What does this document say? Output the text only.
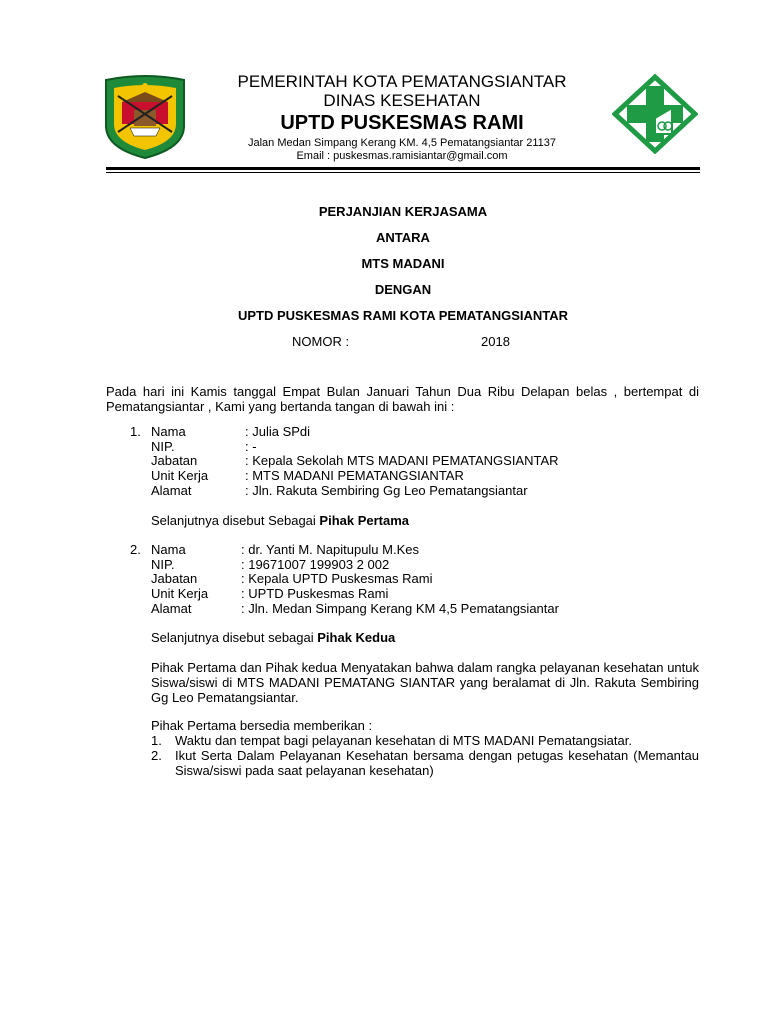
PEMERINTAH KOTA PEMATANGSIANTAR
DINAS KESEHATAN
UPTD PUSKESMAS RAMI
Jalan Medan Simpang Kerang KM. 4,5 Pematangsiantar 21137
Email : puskesmas.ramisiantar@gmail.com
PERJANJIAN KERJASAMA
ANTARA
MTS MADANI
DENGAN
UPTD PUSKESMAS RAMI KOTA PEMATANGSIANTAR
NOMOR :	2018
Pada hari ini Kamis tanggal Empat Bulan Januari Tahun Dua Ribu Delapan belas , bertempat di Pematangsiantar , Kami yang bertanda tangan di bawah ini :
1. Nama	: Julia SPdi
NIP.	: -
Jabatan	: Kepala Sekolah MTS MADANI PEMATANGSIANTAR
Unit Kerja	: MTS MADANI PEMATANGSIANTAR
Alamat	: Jln. Rakuta Sembiring Gg Leo Pematangsiantar
Selanjutnya disebut Sebagai Pihak Pertama
2. Nama	: dr. Yanti M. Napitupulu M.Kes
NIP.	: 19671007 199903 2 002
Jabatan	: Kepala UPTD Puskesmas Rami
Unit Kerja	: UPTD Puskesmas Rami
Alamat	: Jln. Medan Simpang Kerang KM 4,5 Pematangsiantar
Selanjutnya disebut sebagai Pihak Kedua
Pihak Pertama dan Pihak kedua Menyatakan bahwa dalam rangka pelayanan kesehatan untuk Siswa/siswi di MTS MADANI PEMATANG SIANTAR yang beralamat di Jln. Rakuta Sembiring Gg Leo Pematangsiantar.
Pihak Pertama bersedia memberikan :
1. Waktu dan tempat bagi pelayanan kesehatan di MTS MADANI Pematangsiatar.
2. Ikut Serta Dalam Pelayanan Kesehatan bersama dengan petugas kesehatan (Memantau Siswa/siswi pada saat pelayanan kesehatan)
